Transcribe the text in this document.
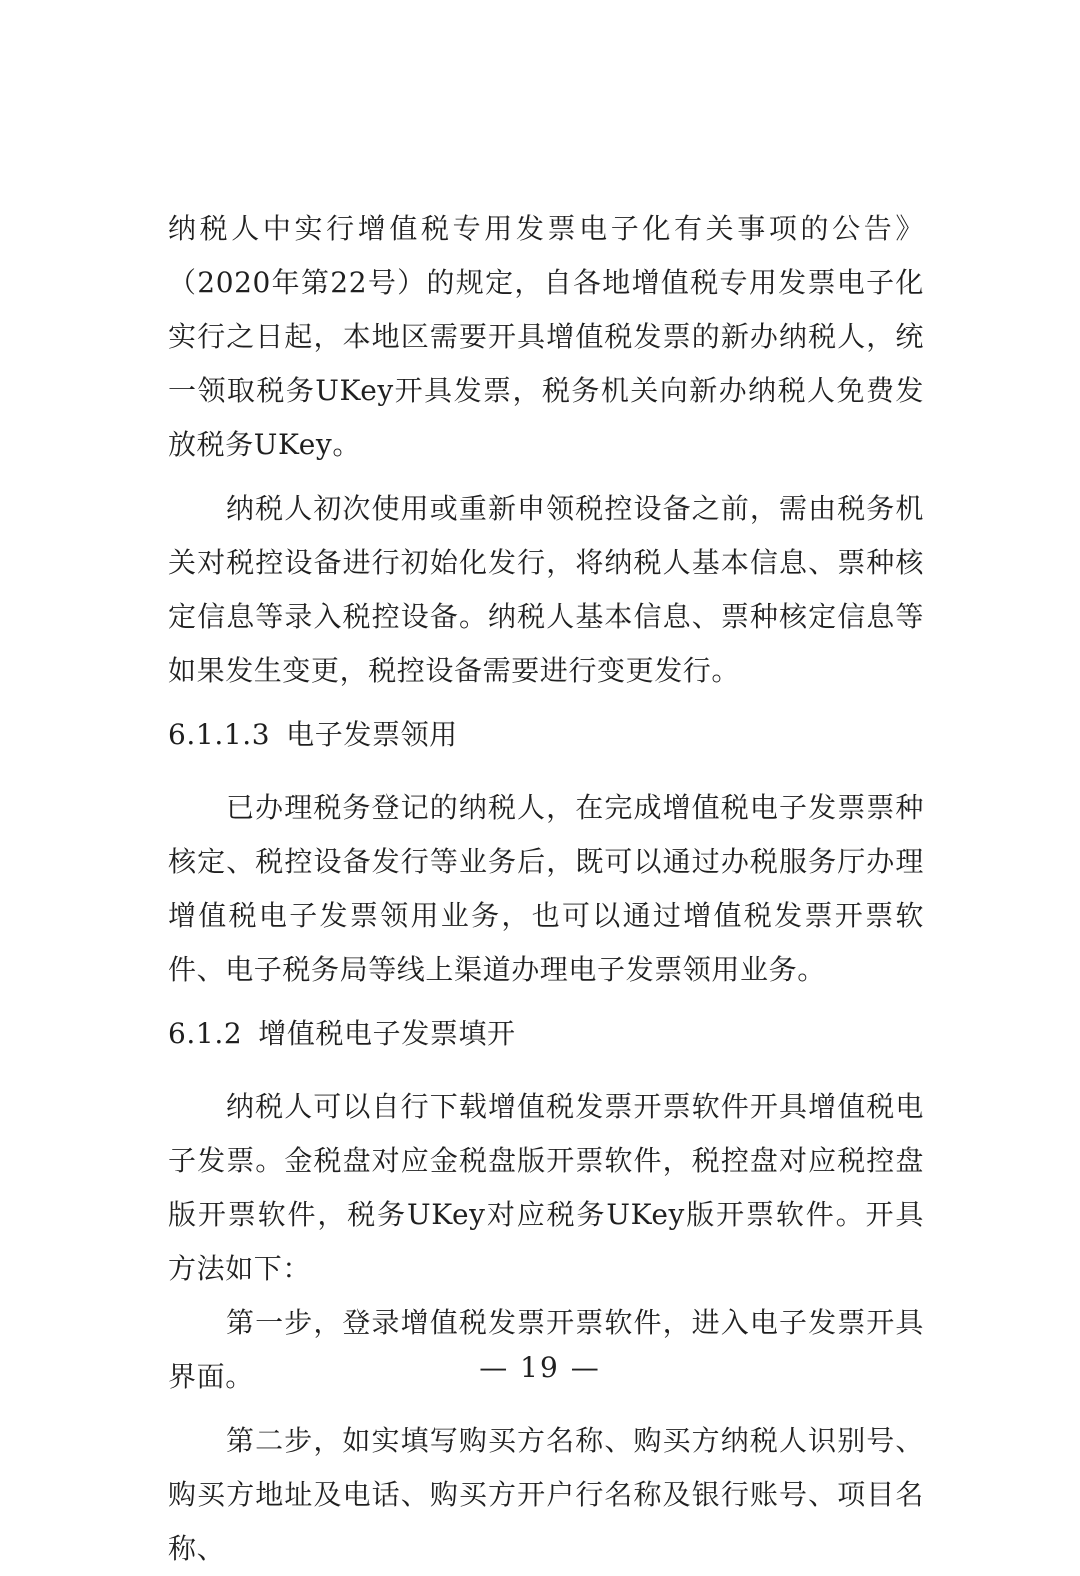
纳税人中实行增值税专用发票电子化有关事项的公告》（2020年第22号）的规定，自各地增值税专用发票电子化实行之日起，本地区需要开具增值税发票的新办纳税人，统一领取税务UKey开具发票，税务机关向新办纳税人免费发放税务UKey。

纳税人初次使用或重新申领税控设备之前，需由税务机关对税控设备进行初始化发行，将纳税人基本信息、票种核定信息等录入税控设备。纳税人基本信息、票种核定信息等如果发生变更，税控设备需要进行变更发行。

6.1.1.3 电子发票领用

已办理税务登记的纳税人，在完成增值税电子发票票种核定、税控设备发行等业务后，既可以通过办税服务厅办理增值税电子发票领用业务，也可以通过增值税发票开票软件、电子税务局等线上渠道办理电子发票领用业务。

6.1.2 增值税电子发票填开

纳税人可以自行下载增值税发票开票软件开具增值税电子发票。金税盘对应金税盘版开票软件，税控盘对应税控盘版开票软件，税务UKey对应税务UKey版开票软件。开具方法如下：

第一步，登录增值税发票开票软件，进入电子发票开具界面。

第二步，如实填写购买方名称、购买方纳税人识别号、购买方地址及电话、购买方开户行名称及银行账号、项目名称、

— 19 —
